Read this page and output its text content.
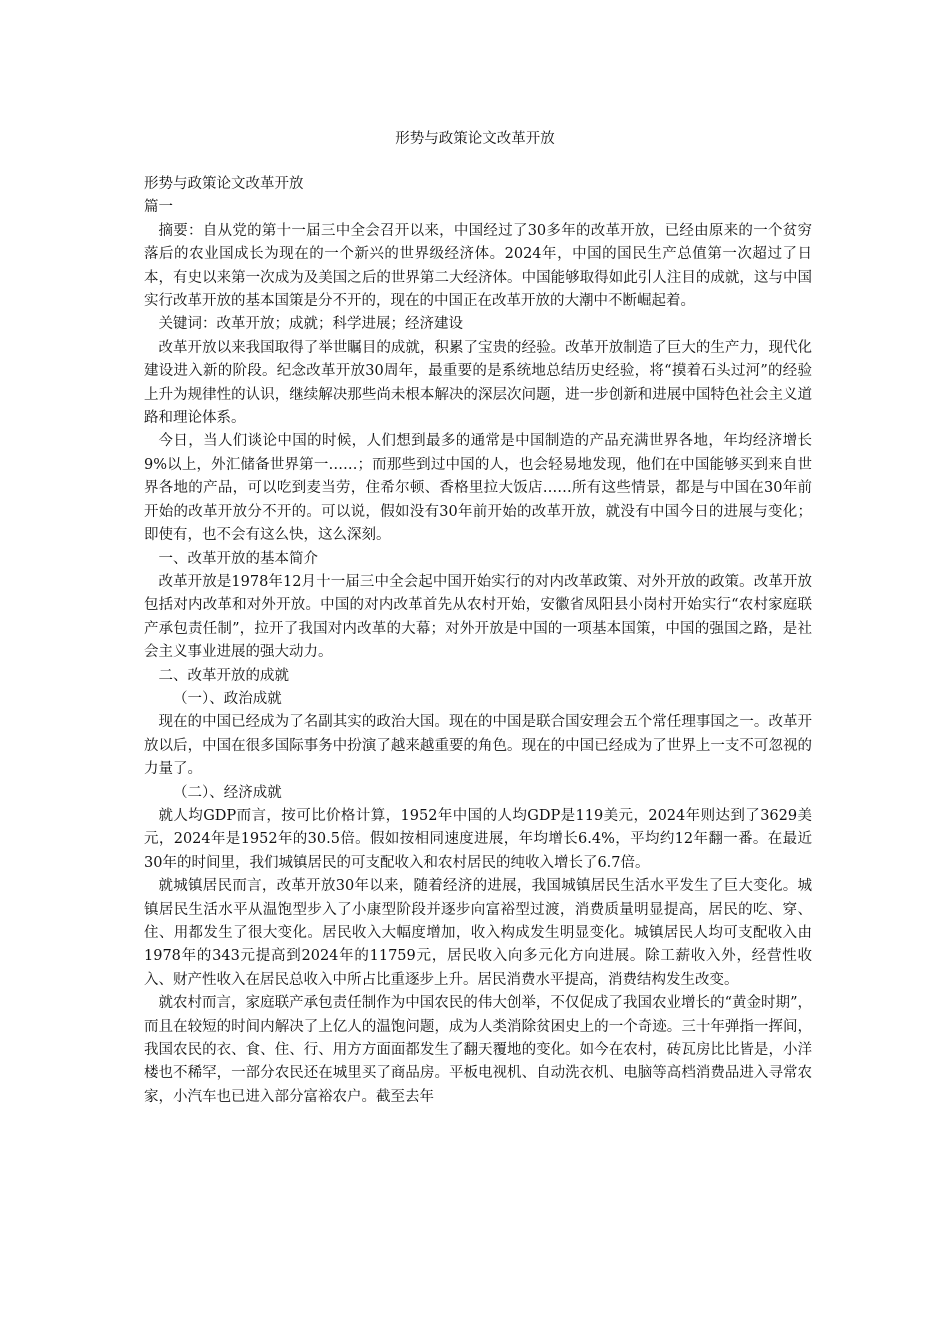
形势与政策论文改革开放

形势与政策论文改革开放

篇一

摘要：自从党的第十一届三中全会召开以来，中国经过了30多年的改革开放，已经由原来的一个贫穷落后的农业国成长为现在的一个新兴的世界级经济体。2024年，中国的国民生产总值第一次超过了日本，有史以来第一次成为及美国之后的世界第二大经济体。中国能够取得如此引人注目的成就，这与中国实行改革开放的基本国策是分不开的，现在的中国正在改革开放的大潮中不断崛起着。

关键词：改革开放；成就；科学进展；经济建设

改革开放以来我国取得了举世瞩目的成就，积累了宝贵的经验。改革开放制造了巨大的生产力，现代化建设进入新的阶段。纪念改革开放30周年，最重要的是系统地总结历史经验，将“摸着石头过河”的经验上升为规律性的认识，继续解决那些尚未根本解决的深层次问题，进一步创新和进展中国特色社会主义道路和理论体系。

今日，当人们谈论中国的时候，人们想到最多的通常是中国制造的产品充满世界各地，年均经济增长9%以上，外汇储备世界第一……；而那些到过中国的人，也会轻易地发现，他们在中国能够买到来自世界各地的产品，可以吃到麦当劳，住希尔顿、香格里拉大饭店……所有这些情景，都是与中国在30年前开始的改革开放分不开的。可以说，假如没有30年前开始的改革开放，就没有中国今日的进展与变化；即使有，也不会有这么快，这么深刻。

一、改革开放的基本简介

改革开放是1978年12月十一届三中全会起中国开始实行的对内改革政策、对外开放的政策。改革开放包括对内改革和对外开放。中国的对内改革首先从农村开始，安徽省凤阳县小岗村开始实行“农村家庭联产承包责任制”，拉开了我国对内改革的大幕；对外开放是中国的一项基本国策，中国的强国之路，是社会主义事业进展的强大动力。

二、改革开放的成就

（一）、政治成就

现在的中国已经成为了名副其实的政治大国。现在的中国是联合国安理会五个常任理事国之一。改革开放以后，中国在很多国际事务中扮演了越来越重要的角色。现在的中国已经成为了世界上一支不可忽视的力量了。

（二）、经济成就

就人均GDP而言，按可比价格计算，1952年中国的人均GDP是119美元，2024年则达到了3629美元，2024年是1952年的30.5倍。假如按相同速度进展，年均增长6.4%，平均约12年翻一番。在最近30年的时间里，我们城镇居民的可支配收入和农村居民的纯收入增长了6.7倍。

就城镇居民而言，改革开放30年以来，随着经济的进展，我国城镇居民生活水平发生了巨大变化。城镇居民生活水平从温饱型步入了小康型阶段并逐步向富裕型过渡，消费质量明显提高，居民的吃、穿、住、用都发生了很大变化。居民收入大幅度增加，收入构成发生明显变化。城镇居民人均可支配收入由1978年的343元提高到2024年的11759元，居民收入向多元化方向进展。除工薪收入外，经营性收入、财产性收入在居民总收入中所占比重逐步上升。居民消费水平提高，消费结构发生改变。

就农村而言，家庭联产承包责任制作为中国农民的伟大创举，不仅促成了我国农业增长的“黄金时期”，而且在较短的时间内解决了上亿人的温饱问题，成为人类消除贫困史上的一个奇迹。三十年弹指一挥间，我国农民的衣、食、住、行、用方方面面都发生了翻天覆地的变化。如今在农村，砖瓦房比比皆是，小洋楼也不稀罕，一部分农民还在城里买了商品房。平板电视机、自动洗衣机、电脑等高档消费品进入寻常农家，小汽车也已进入部分富裕农户。截至去年
